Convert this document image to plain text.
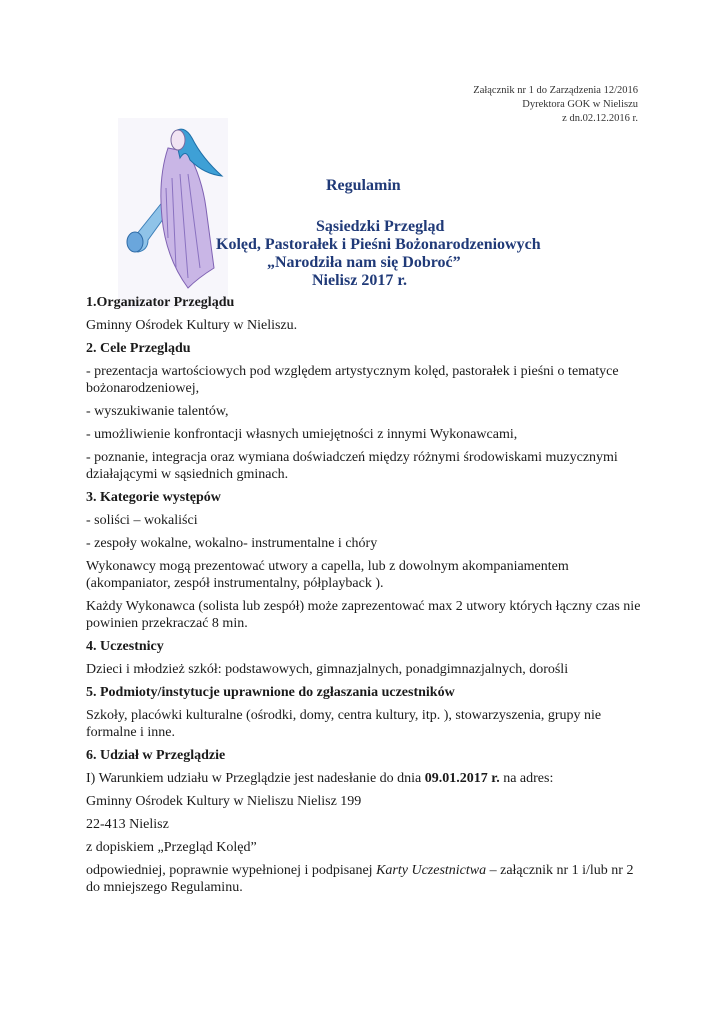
Załącznik nr 1 do Zarządzenia 12/2016
Dyrektora GOK w Nieliszu
z dn.02.12.2016 r.
Regulamin
Sąsiedzki Przegląd
Kolęd, Pastorałek i Pieśni Bożonarodzeniowych
„Narodziła nam się Dobroć”
Nielisz 2017 r.
1.Organizator Przeglądu

Gminny Ośrodek Kultury w Nieliszu.

2. Cele Przeglądu

- prezentacja wartościowych pod względem artystycznym kolęd, pastorałek i pieśni o tematyce bożonarodzeniowej,

- wyszukiwanie talentów,

- umożliwienie konfrontacji własnych umiejętności z innymi Wykonawcami,

- poznanie, integracja oraz wymiana doświadczeń między różnymi środowiskami muzycznymi działającymi w sąsiednich gminach.

3. Kategorie występów

- soliści – wokaliści

- zespoły wokalne, wokalno- instrumentalne i chóry

Wykonawcy mogą prezentować utwory a capella, lub z dowolnym akompaniamentem (akompaniator, zespół instrumentalny, półplayback ).

Każdy Wykonawca (solista lub zespół) może zaprezentować max 2 utwory których łączny czas nie powinien przekraczać 8 min.

4. Uczestnicy

Dzieci i młodzież szkół: podstawowych, gimnazjalnych, ponadgimnazjalnych, dorośli

5. Podmioty/instytucje uprawnione do zgłaszania uczestników

Szkoły, placówki kulturalne (ośrodki, domy, centra kultury, itp. ), stowarzyszenia, grupy nie formalne i inne.

6. Udział w Przeglądzie

I) Warunkiem udziału w Przeglądzie jest nadesłanie do dnia 09.01.2017 r. na adres:

Gminny Ośrodek Kultury w Nieliszu Nielisz 199

22-413 Nielisz

z dopiskiem „Przegląd Kolęd”

odpowiedniej, poprawnie wypełnionej i podpisanej Karty Uczestnictwa – załącznik nr 1 i/lub nr 2 do mniejszego Regulaminu.
